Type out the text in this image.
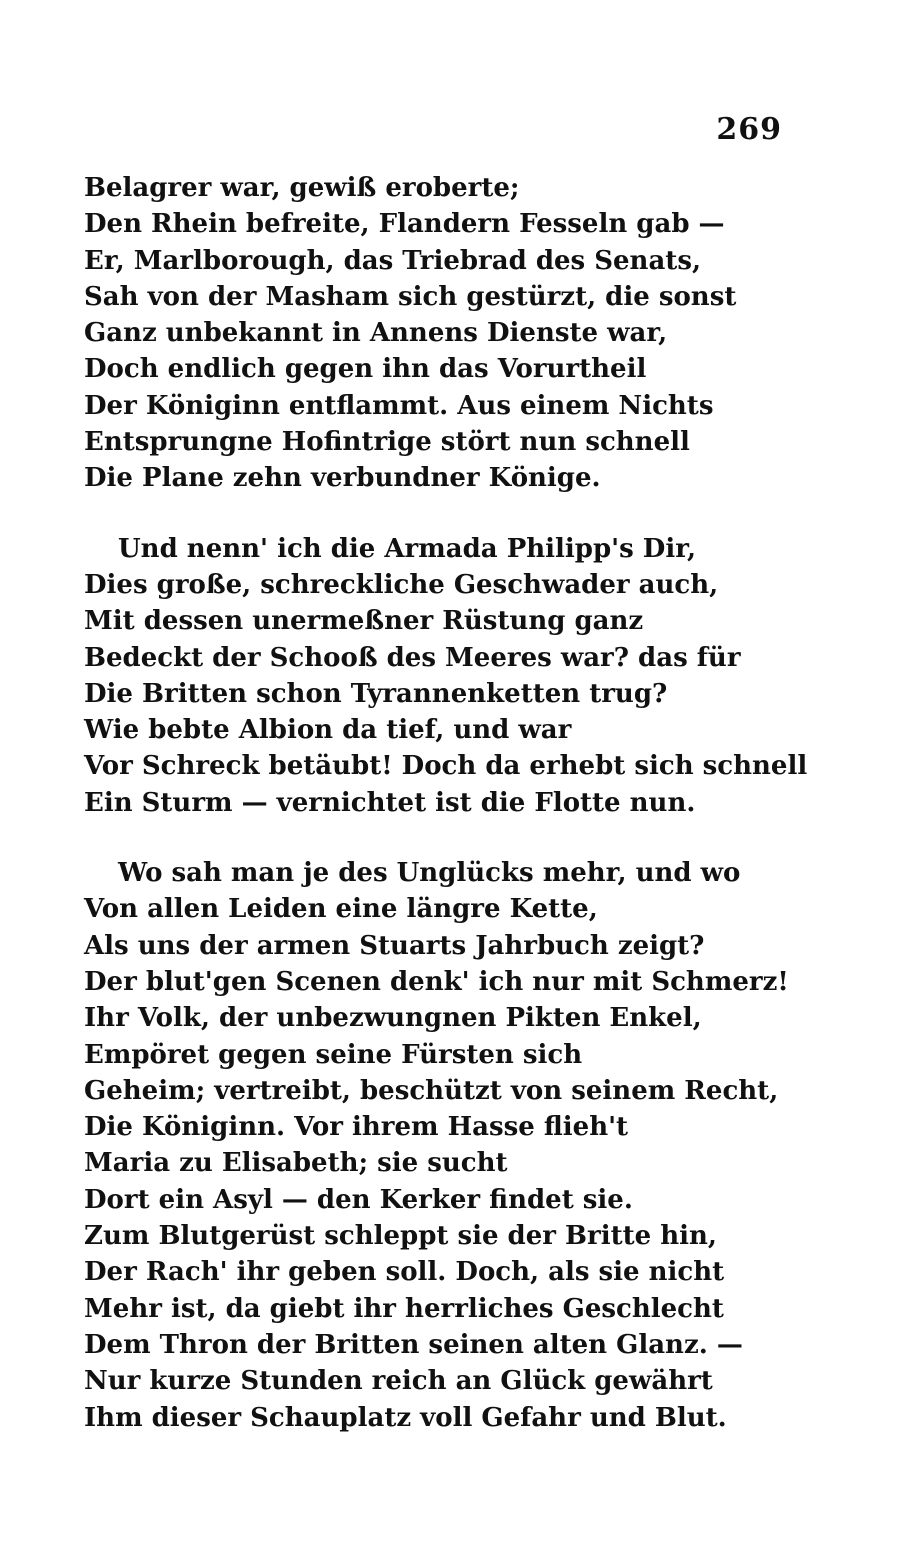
269
Belagrer war, gewiß eroberte;
Den Rhein befreite, Flandern Fesseln gab —
Er, Marlborough, das Triebrad des Senats,
Sah von der Masham sich gestürzt, die sonst
Ganz unbekannt in Annens Dienste war,
Doch endlich gegen ihn das Vorurtheil
Der Königinn entflammt. Aus einem Nichts
Entsprungne Hofintrige stört nun schnell
Die Plane zehn verbundner Könige.
Und nenn' ich die Armada Philipp's Dir,
Dies große, schreckliche Geschwader auch,
Mit dessen unermeßner Rüstung ganz
Bedeckt der Schooß des Meeres war? das für
Die Britten schon Tyrannenketten trug?
Wie bebte Albion da tief, und war
Vor Schreck betäubt! Doch da erhebt sich schnell
Ein Sturm — vernichtet ist die Flotte nun.
Wo sah man je des Unglücks mehr, und wo
Von allen Leiden eine längre Kette,
Als uns der armen Stuarts Jahrbuch zeigt?
Der blut'gen Scenen denk' ich nur mit Schmerz!
Ihr Volk, der unbezwungnen Pikten Enkel,
Empöret gegen seine Fürsten sich
Geheim; vertreibt, beschützt von seinem Recht,
Die Königinn. Vor ihrem Hasse flieh't
Maria zu Elisabeth; sie sucht
Dort ein Asyl — den Kerker findet sie.
Zum Blutgerüst schleppt sie der Britte hin,
Der Rach' ihr geben soll. Doch, als sie nicht
Mehr ist, da giebt ihr herrliches Geschlecht
Dem Thron der Britten seinen alten Glanz. —
Nur kurze Stunden reich an Glück gewährt
Ihm dieser Schauplatz voll Gefahr und Blut.
